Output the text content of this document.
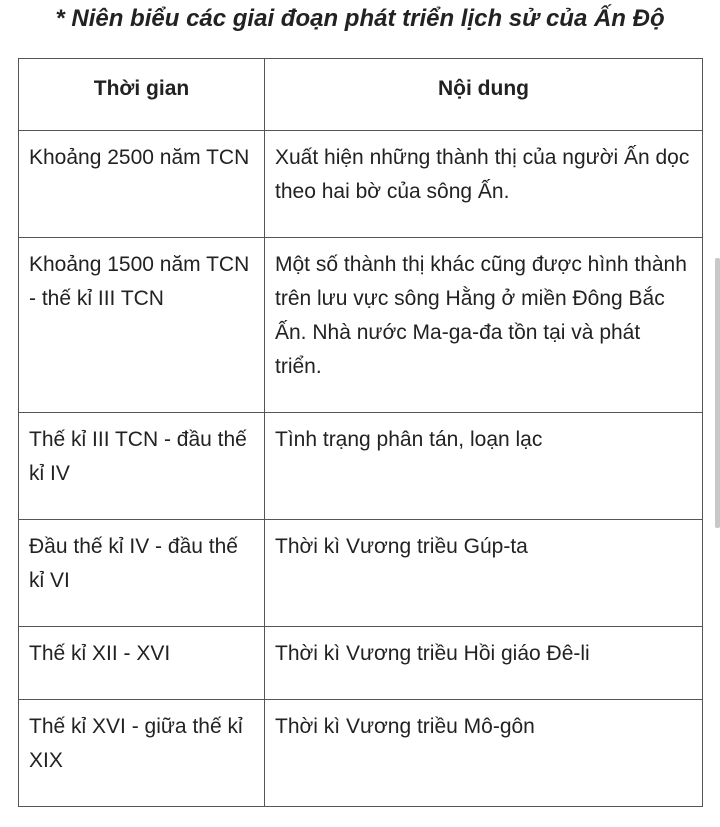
* Niên biểu các giai đoạn phát triển lịch sử của Ấn Độ
Thời gian	Nội dung
Khoảng 2500 năm TCN	Xuất hiện những thành thị của người Ấn dọc theo hai bờ của sông Ấn.
Khoảng 1500 năm TCN - thế kỉ III TCN	Một số thành thị khác cũng được hình thành trên lưu vực sông Hằng ở miền Đông Bắc Ấn. Nhà nước Ma-ga-đa tồn tại và phát triển.
Thế kỉ III TCN - đầu thế kỉ IV	Tình trạng phân tán, loạn lạc
Đầu thế kỉ IV - đầu thế kỉ VI	Thời kì Vương triều Gúp-ta
Thế kỉ XII - XVI	Thời kì Vương triều Hồi giáo Đê-li
Thế kỉ XVI - giữa thế kỉ XIX	Thời kì Vương triều Mô-gôn
